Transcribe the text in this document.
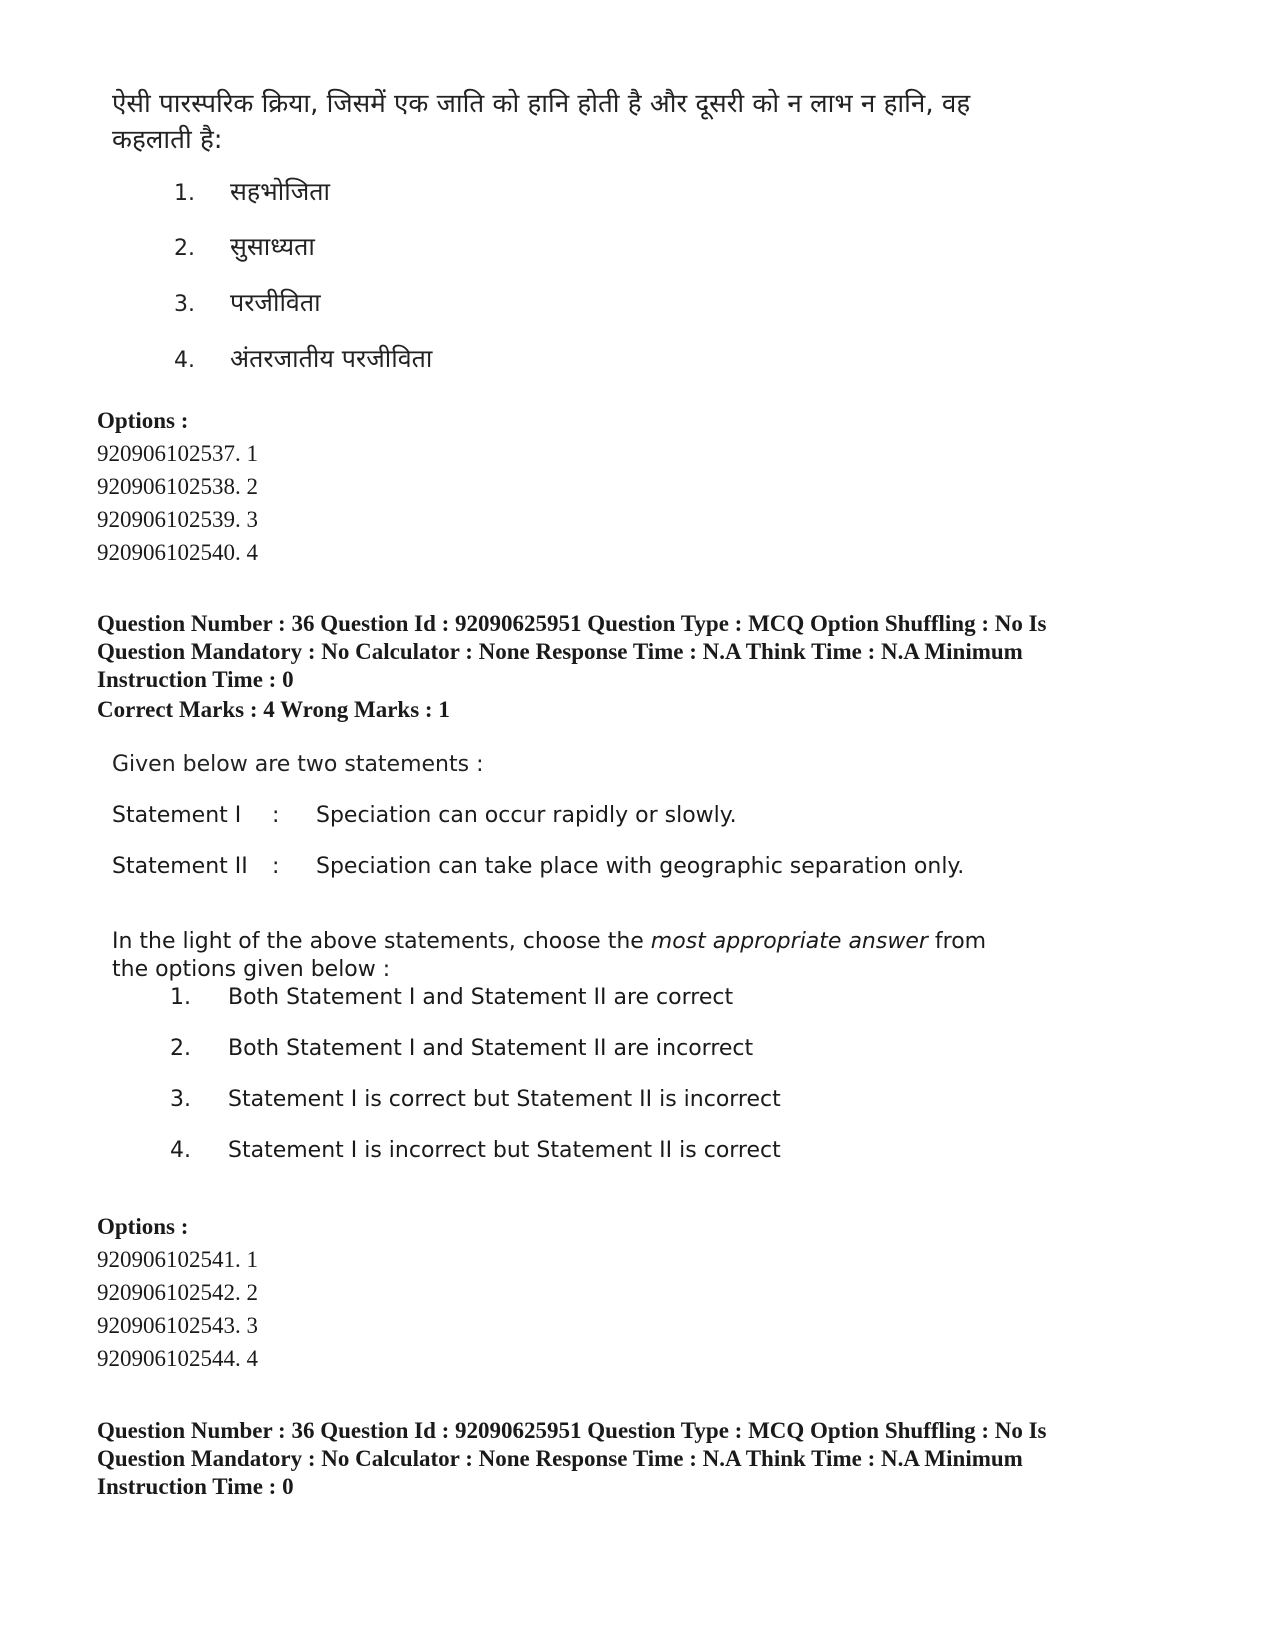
ऐसी पारस्परिक क्रिया, जिसमें एक जाति को हानि होती है और दूसरी को न लाभ न हानि, वह कहलाती है:
1. सहभोजिता
2. सुसाध्यता
3. परजीविता
4. अंतरजातीय परजीविता
Options :
920906102537. 1
920906102538. 2
920906102539. 3
920906102540. 4
Question Number : 36 Question Id : 92090625951 Question Type : MCQ Option Shuffling : No Is
Question Mandatory : No Calculator : None Response Time : N.A Think Time : N.A Minimum
Instruction Time : 0
Correct Marks : 4 Wrong Marks : 1
Given below are two statements :
Statement I : Speciation can occur rapidly or slowly.
Statement II : Speciation can take place with geographic separation only.
In the light of the above statements, choose the most appropriate answer from the options given below :
1. Both Statement I and Statement II are correct
2. Both Statement I and Statement II are incorrect
3. Statement I is correct but Statement II is incorrect
4. Statement I is incorrect but Statement II is correct
Options :
920906102541. 1
920906102542. 2
920906102543. 3
920906102544. 4
Question Number : 36 Question Id : 92090625951 Question Type : MCQ Option Shuffling : No Is
Question Mandatory : No Calculator : None Response Time : N.A Think Time : N.A Minimum
Instruction Time : 0
